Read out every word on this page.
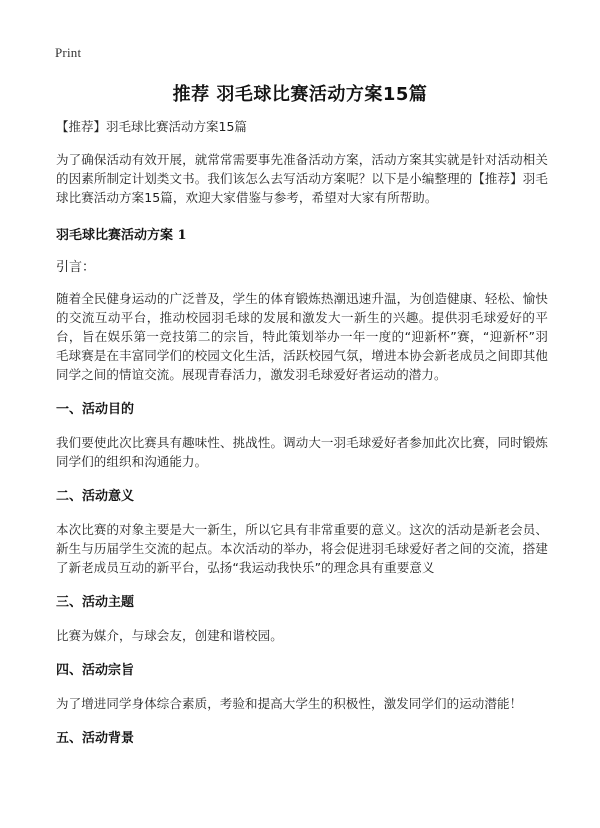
Print
推荐 羽毛球比赛活动方案15篇
【推荐】羽毛球比赛活动方案15篇

为了确保活动有效开展，就常常需要事先准备活动方案，活动方案其实就是针对活动相关的因素所制定计划类文书。我们该怎么去写活动方案呢？以下是小编整理的【推荐】羽毛球比赛活动方案15篇，欢迎大家借鉴与参考，希望对大家有所帮助。

羽毛球比赛活动方案 1
引言：

随着全民健身运动的广泛普及，学生的体育锻炼热潮迅速升温，为创造健康、轻松、愉快的交流互动平台，推动校园羽毛球的发展和激发大一新生的兴趣。提供羽毛球爱好的平台，旨在娱乐第一竞技第二的宗旨，特此策划举办一年一度的“迎新杯”赛，“迎新杯”羽毛球赛是在丰富同学们的校园文化生活，活跃校园气氛，增进本协会新老成员之间即其他同学之间的情谊交流。展现青春活力，激发羽毛球爱好者运动的潜力。

一、活动目的

我们要使此次比赛具有趣味性、挑战性。调动大一羽毛球爱好者参加此次比赛，同时锻炼同学们的组织和沟通能力。

二、活动意义

本次比赛的对象主要是大一新生，所以它具有非常重要的意义。这次的活动是新老会员、新生与历届学生交流的起点。本次活动的举办，将会促进羽毛球爱好者之间的交流，搭建了新老成员互动的新平台，弘扬“我运动我快乐”的理念具有重要意义

三、活动主题

比赛为媒介，与球会友，创建和谐校园。

四、活动宗旨

为了增进同学身体综合素质，考验和提高大学生的积极性，激发同学们的运动潜能！

五、活动背景
